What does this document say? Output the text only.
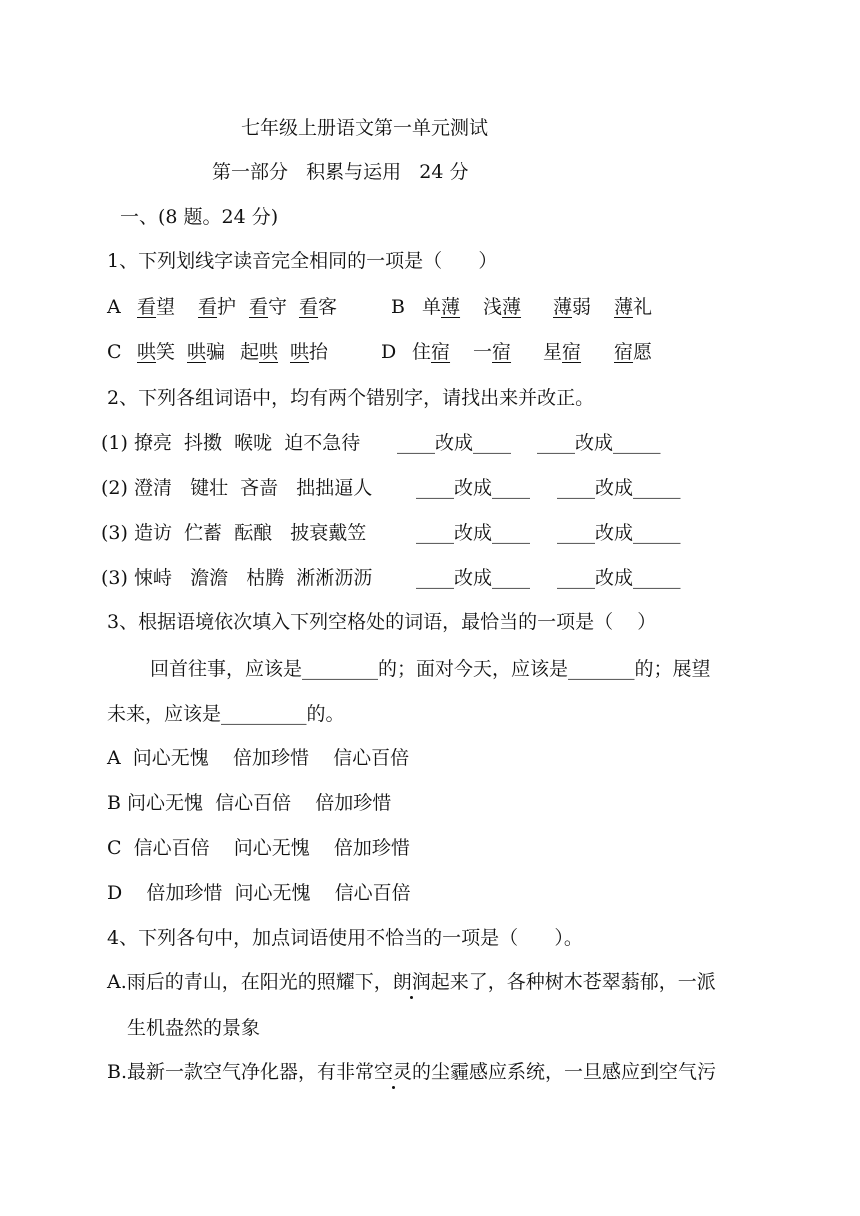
七年级上册语文第一单元测试
第一部分   积累与运用   24 分
一、(8 题。24 分)
1、下列划线字读音完全相同的一项是（      ）
A 看望 看护 看守 看客	B 单薄 浅薄 薄弱 薄礼
C 哄笑 哄骗 起哄 哄抬	D 住宿 一宿 星宿 宿愿
2、下列各组词语中，均有两个错别字，请找出来并改正。
(1) 撩亮  抖擞  喉咙  迫不急待 ____改成____ ____改成_____
(2) 澄清   键壮  吝啬   拙拙逼人 ____改成____ ____改成_____
(3) 造访  伫蓄  酝酿   披衰戴笠	____改成____ ____改成_____
(3) 悚峙   澹澹   枯腾  淅淅沥沥 ____改成____ ____改成_____
3、根据语境依次填入下列空格处的词语，最恰当的一项是（    ）
回首往事，应该是________的；面对今天，应该是_______的；展望
未来，应该是_________的。
A  问心无愧    倍加珍惜    信心百倍
B 问心无愧  信心百倍    倍加珍惜
C  信心百倍    问心无愧    倍加珍惜
D    倍加珍惜  问心无愧    信心百倍
4、下列各句中，加点词语使用不恰当的一项是（      ）。
A.雨后的青山，在阳光的照耀下，朗润起来了，各种树木苍翠蓊郁，一派
生机盎然的景象
B.最新一款空气净化器，有非常空灵的尘霾感应系统，一旦感应到空气污
